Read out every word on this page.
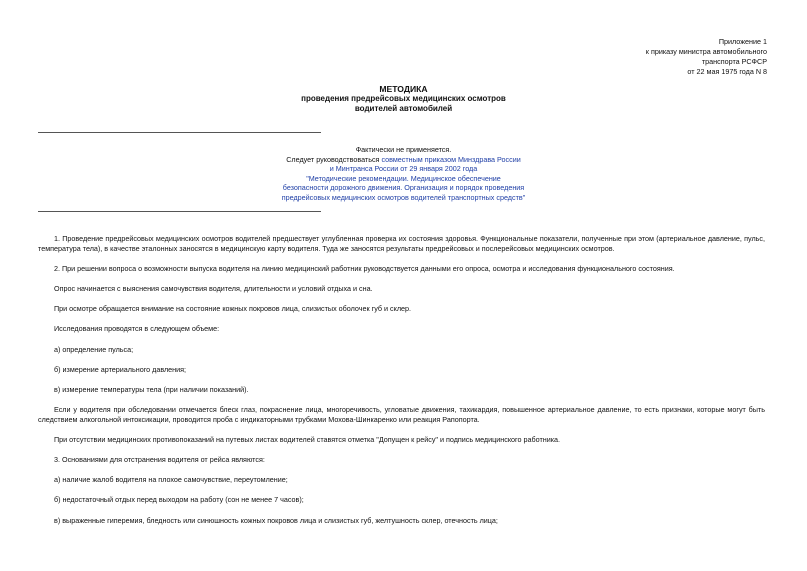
Приложение 1
к приказу министра автомобильного
транспорта РСФСР
от 22 мая 1975 года N 8
МЕТОДИКА
проведения предрейсовых медицинских осмотров
водителей автомобилей
Фактически не применяется.
Следует руководствоваться совместным приказом Минздрава России
и Минтранса России от 29 января 2002 года
"Методические рекомендации. Медицинское обеспечение
безопасности дорожного движения. Организация и порядок проведения
предрейсовых медицинских осмотров водителей транспортных средств"

1. Проведение предрейсовых медицинских осмотров водителей предшествует углубленная проверка их состояния здоровья. Функциональные показатели, полученные при этом (артериальное давление, пульс, температура тела), в качестве эталонных заносятся в медицинскую карту водителя. Туда же заносятся результаты предрейсовых и послерейсовых медицинских осмотров.

2. При решении вопроса о возможности выпуска водителя на линию медицинский работник руководствуется данными его опроса, осмотра и исследования функционального состояния.

Опрос начинается с выяснения самочувствия водителя, длительности и условий отдыха и сна.

При осмотре обращается внимание на состояние кожных покровов лица, слизистых оболочек губ и склер.

Исследования проводятся в следующем объеме:

а) определение пульса;

б) измерение артериального давления;

в) измерение температуры тела (при наличии показаний).

Если у водителя при обследовании отмечается блеск глаз, покраснение лица, многоречивость, угловатые движения, тахикардия, повышенное артериальное давление, то есть признаки, которые могут быть следствием алкогольной интоксикации, проводится проба с индикаторными трубками Мохова-Шинкаренко или реакция Рапопорта.

При отсутствии медицинских противопоказаний на путевых листах водителей ставятся отметка "Допущен к рейсу" и подпись медицинского работника.

3. Основаниями для отстранения водителя от рейса являются:

а) наличие жалоб водителя на плохое самочувствие, переутомление;

б) недостаточный отдых перед выходом на работу (сон не менее 7 часов);

в) выраженные гиперемия, бледность или синюшность кожных покровов лица и слизистых губ, желтушность склер, отечность лица;
